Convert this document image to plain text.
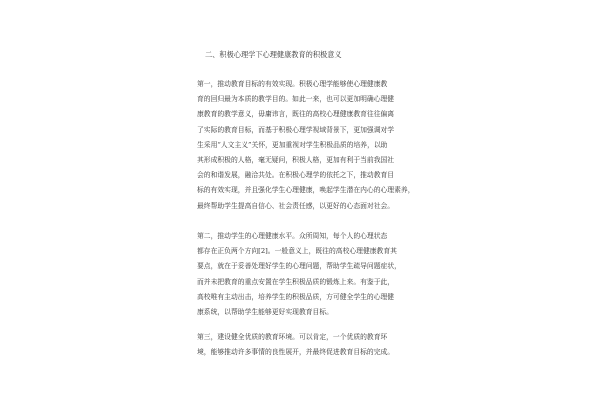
二、积极心理学下心理健康教育的积极意义
第一，推动教育目标的有效实现。积极心理学能够使心理健康教
育的回归最为本质的教学目的。如此一来，也可以更加明确心理健
康教育的教学意义，毋庸讳言，既往的高校心理健康教育往往偏离
了实际的教育目标，而基于积极心理学视域背景下，更加强调对学
生采用“人文主义”关怀，更加重视对学生积极品质的培养，以助
其形成积极的人格，毫无疑问，积极人格，更加有利于当前我国社
会的和谐发展，融洽共处。在积极心理学的依托之下，推动教育目
标的有效实现，并且强化学生心理健康，唤起学生潜在内心的心理素养，
最终帮助学生提高自信心、社会责任感，以更好的心态面对社会。
第二，推动学生的心理健康水平。众所周知，每个人的心理状态
都存在正负两个方向[2]。一般意义上，既往的高校心理健康教育其
要点，就在于妥善处理好学生的心理问题，帮助学生疏导问题症状，
而并未把教育的重点安置在学生积极品质的锻炼上来。有鉴于此，
高校唯有主动出击，培养学生的积极品质，方可健全学生的心理健
康系统，以帮助学生能够更好实现教育目标。
第三，建设健全优质的教育环境。可以肯定，一个优质的教育环
境，能够推动许多事情的良性展开，并最终促进教育目标的完成。
